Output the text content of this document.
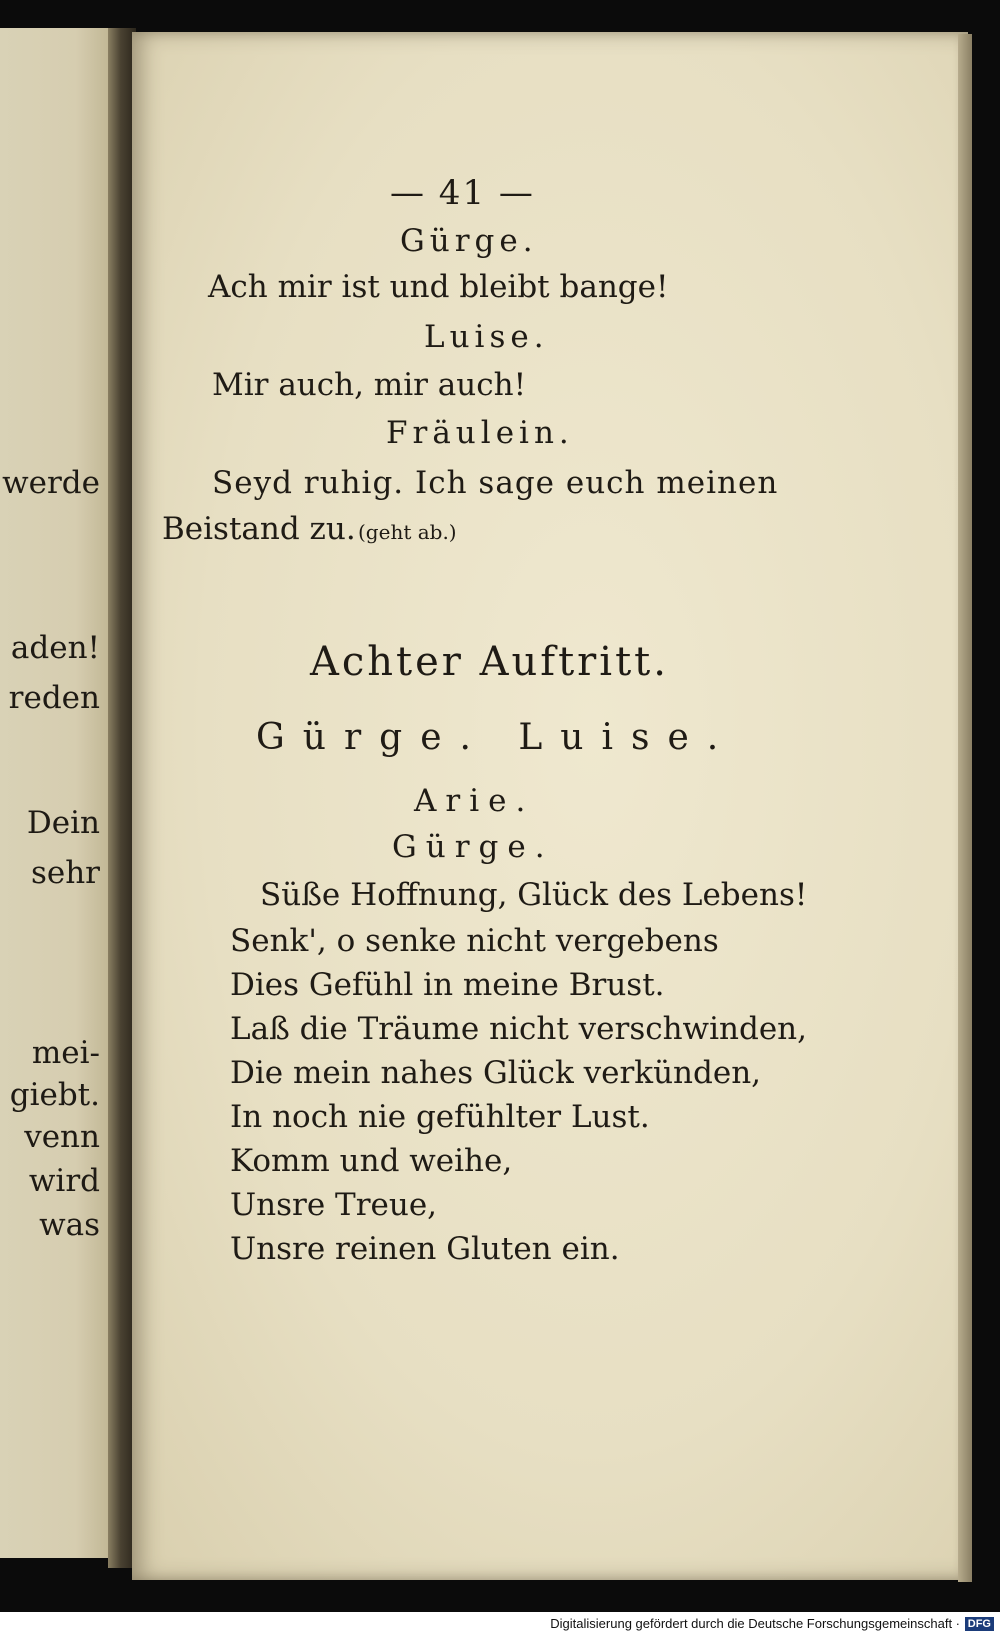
werde
aden!
reden
Dein
sehr
mei-
giebt.
venn
wird
was
— 41 —
Gürge.
Ach mir ist und bleibt bange!
Luise.
Mir auch, mir auch!
Fräulein.
Seyd ruhig. Ich sage euch meinen
Beistand zu. (geht ab.)
Achter Auftritt.
Gürge. Luise.
Arie.
Gürge.
Süße Hoffnung, Glück des Lebens!
Senk', o senke nicht vergebens
Dies Gefühl in meine Brust.
Laß die Träume nicht verschwinden,
Die mein nahes Glück verkünden,
In noch nie gefühlter Lust.
Komm und weihe,
Unsre Treue,
Unsre reinen Gluten ein.
Digitalisierung gefördert durch die Deutsche Forschungsgemeinschaft · DFG
